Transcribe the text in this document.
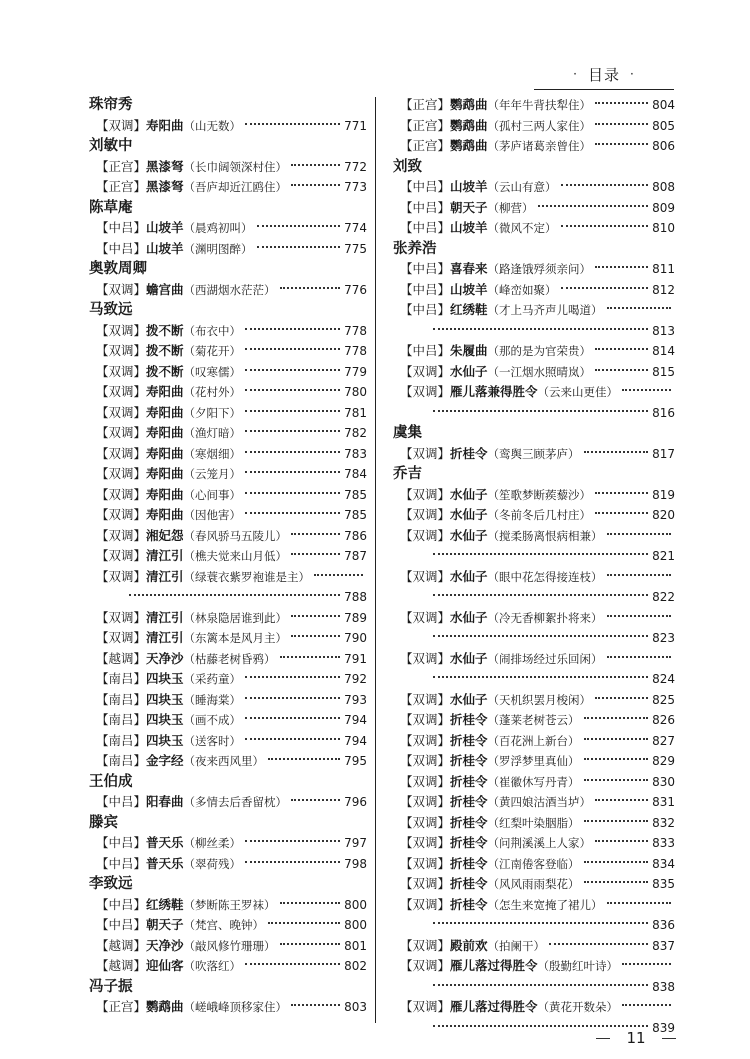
· 目录 ·
珠帘秀
【双调】 寿阳曲 （山无数）	771
刘敏中
【正宫】 黑漆弩 （长巾阔领深村住）	772
【正宫】 黑漆弩 （吾庐却近江鸥住）	773
陈草庵
【中吕】 山坡羊 （晨鸡初叫）	774
【中吕】 山坡羊 （渊明图醉）	775
奥敦周卿
【双调】 蟾宫曲 （西湖烟水茫茫）	776
马致远
【双调】 拨不断 （布衣中）	778
【双调】 拨不断 （菊花开）	778
【双调】 拨不断 （叹寒儒）	779
【双调】 寿阳曲 （花村外）	780
【双调】 寿阳曲 （夕阳下）	781
【双调】 寿阳曲 （渔灯暗）	782
【双调】 寿阳曲 （寒烟细）	783
【双调】 寿阳曲 （云笼月）	784
【双调】 寿阳曲 （心间事）	785
【双调】 寿阳曲 （因他害）	785
【双调】 湘妃怨 （春风骄马五陵儿）	786
【双调】 清江引 （樵夫觉来山月低）	787
【双调】 清江引 （绿蓑衣紫罗袍谁是主）
788
【双调】 清江引 （林泉隐居谁到此）	789
【双调】 清江引 （东篱本是风月主）	790
【越调】 天净沙 （枯藤老树昏鸦）	791
【南吕】 四块玉 （采药童）	792
【南吕】 四块玉 （睡海棠）	793
【南吕】 四块玉 （画不成）	794
【南吕】 四块玉 （送客时）	794
【南吕】 金字经 （夜来西风里）	795
王伯成
【中吕】 阳春曲 （多情去后香留枕）	796
滕宾
【中吕】 普天乐 （柳丝柔）	797
【中吕】 普天乐 （翠荷残）	798
李致远
【中吕】 红绣鞋 （梦断陈王罗袜）	800
【中吕】 朝天子 （梵宫、晚钟）	800
【越调】 天净沙 （敲风修竹珊珊）	801
【越调】 迎仙客 （吹落红）	802
冯子振
【正宫】 鹦鹉曲 （嵯峨峰顶移家住）	803
【正宫】 鹦鹉曲 （年年牛背扶犁住）	804
【正宫】 鹦鹉曲 （孤村三两人家住）	805
【正宫】 鹦鹉曲 （茅庐诸葛亲曾住）	806
刘致
【中吕】 山坡羊 （云山有意）	808
【中吕】 朝天子 （柳营）	809
【中吕】 山坡羊 （微风不定）	810
张养浩
【中吕】 喜春来 （路逢饿殍须亲问）	811
【中吕】 山坡羊 （峰峦如聚）	812
【中吕】 红绣鞋 （才上马齐声儿喝道）
813
【中吕】 朱履曲 （那的是为官荣贵）	814
【双调】 水仙子 （一江烟水照晴岚）	815
【双调】 雁儿落兼得胜令 （云来山更佳）
816
虞集
【双调】 折桂令 （鸾舆三顾茅庐）	817
乔吉
【双调】 水仙子 （笙歌梦断蒺藜沙）	819
【双调】 水仙子 （冬前冬后几村庄）	820
【双调】 水仙子 （搅柔肠离恨病相兼）
821
【双调】 水仙子 （眼中花怎得接连枝）
822
【双调】 水仙子 （冷无香柳絮扑将来）
823
【双调】 水仙子 （闹排场经过乐回闲）
824
【双调】 水仙子 （天机织罢月梭闲）	825
【双调】 折桂令 （蓬莱老树苍云）	826
【双调】 折桂令 （百花洲上新台）	827
【双调】 折桂令 （罗浮梦里真仙）	829
【双调】 折桂令 （崔徽休写丹青）	830
【双调】 折桂令 （黄四娘沽酒当垆）	831
【双调】 折桂令 （红梨叶染胭脂）	832
【双调】 折桂令 （问荆溪溪上人家）	833
【双调】 折桂令 （江南倦客登临）	834
【双调】 折桂令 （风风雨雨梨花）	835
【双调】 折桂令 （怎生来宽掩了裙儿）
836
【双调】 殿前欢 （拍阑干）	837
【双调】 雁儿落过得胜令 （殷勤红叶诗）
838
【双调】 雁儿落过得胜令 （黄花开数朵）
839
11
